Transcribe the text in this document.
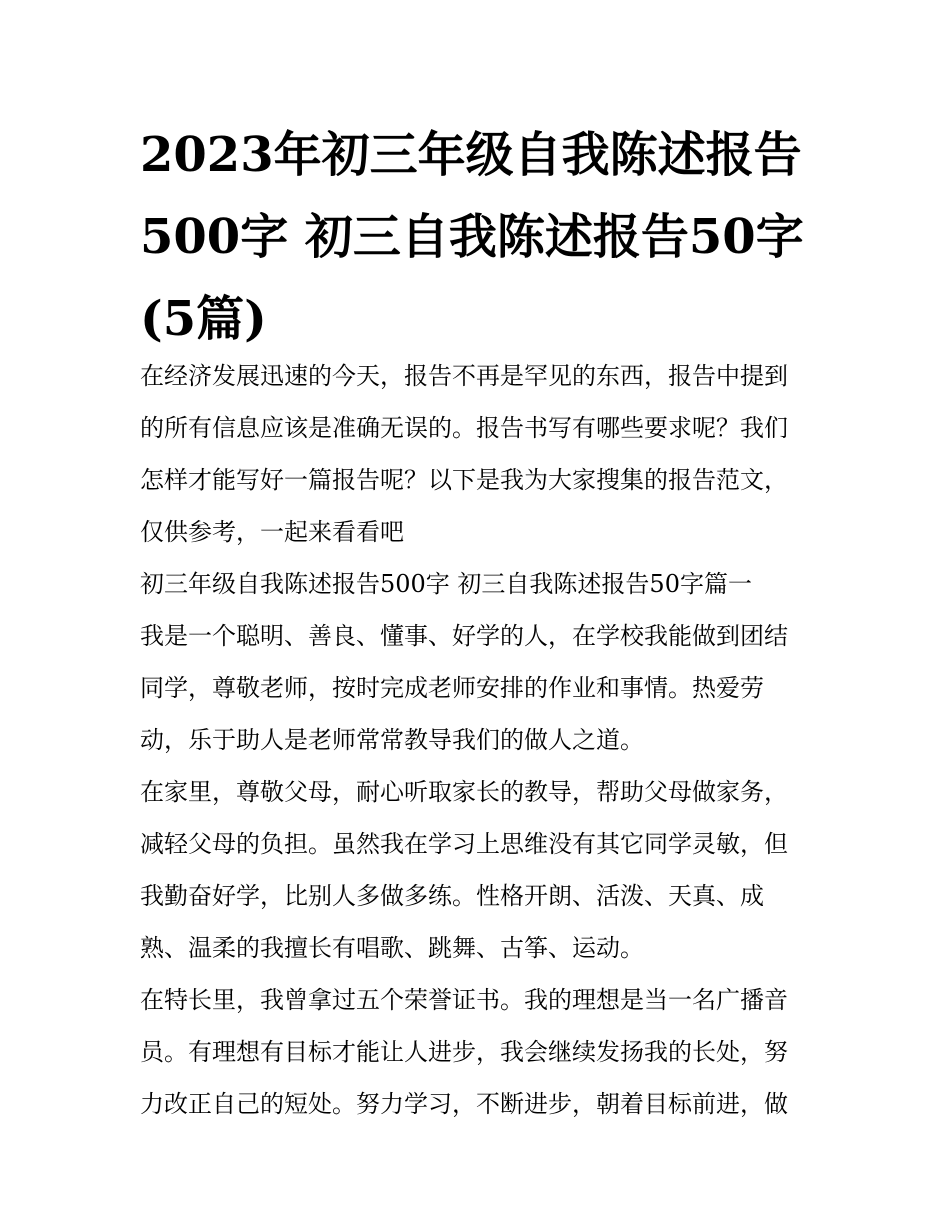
2023年初三年级自我陈述报告
500字 初三自我陈述报告50字
(5篇)

在经济发展迅速的今天，报告不再是罕见的东西，报告中提到
的所有信息应该是准确无误的。报告书写有哪些要求呢？我们
怎样才能写好一篇报告呢？以下是我为大家搜集的报告范文，
仅供参考，一起来看看吧

初三年级自我陈述报告500字 初三自我陈述报告50字篇一

我是一个聪明、善良、懂事、好学的人，在学校我能做到团结
同学，尊敬老师，按时完成老师安排的作业和事情。热爱劳
动，乐于助人是老师常常教导我们的做人之道。

在家里，尊敬父母，耐心听取家长的教导，帮助父母做家务，
减轻父母的负担。虽然我在学习上思维没有其它同学灵敏，但
我勤奋好学，比别人多做多练。性格开朗、活泼、天真、成
熟、温柔的我擅长有唱歌、跳舞、古筝、运动。

在特长里，我曾拿过五个荣誉证书。我的理想是当一名广播音
员。有理想有目标才能让人进步，我会继续发扬我的长处，努
力改正自己的短处。努力学习，不断进步，朝着目标前进，做
